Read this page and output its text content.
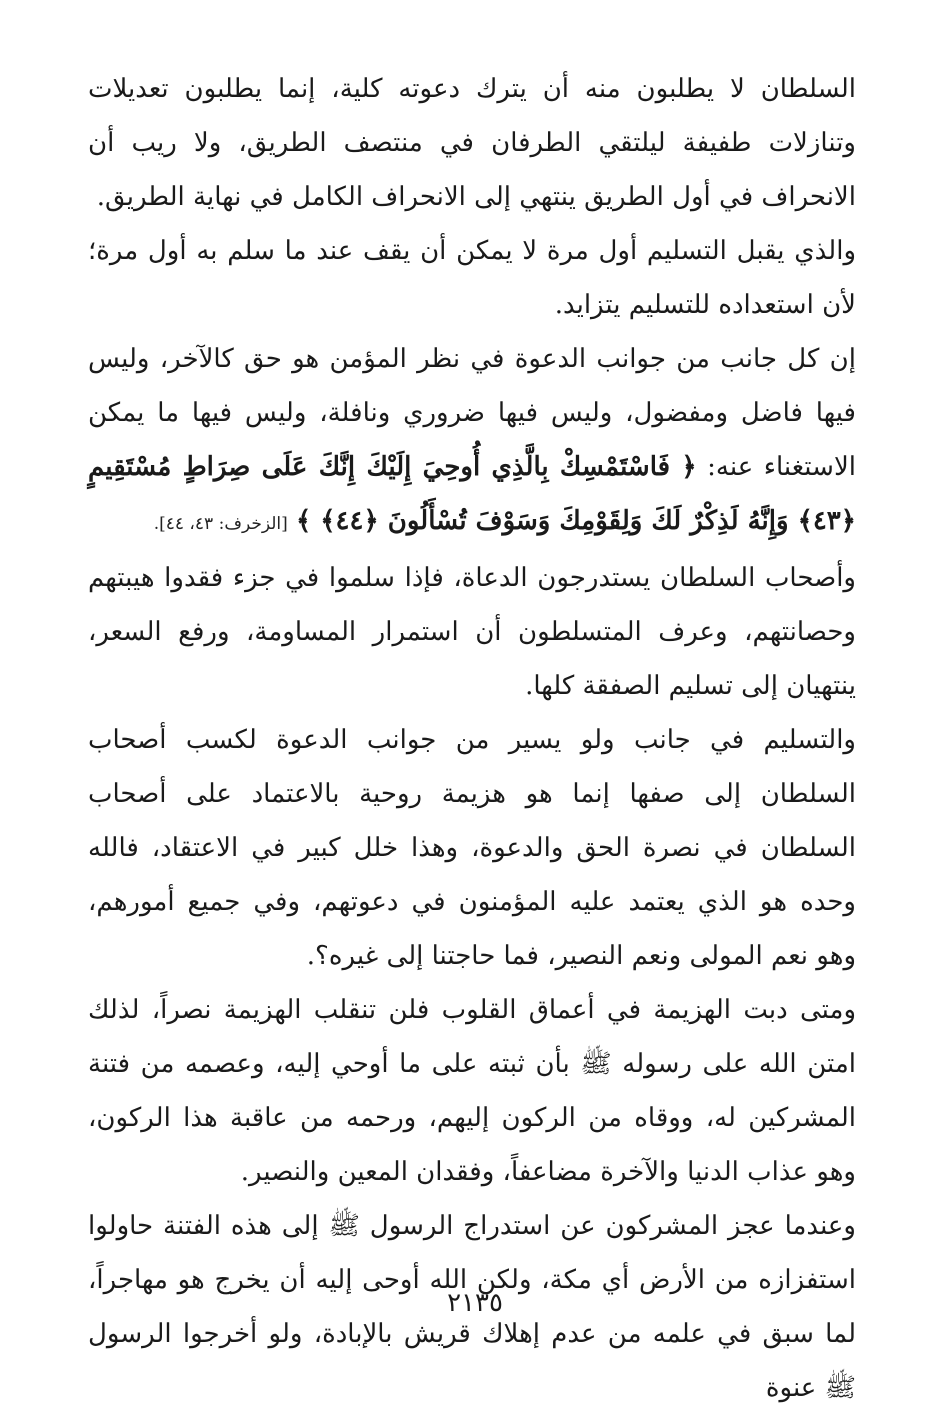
السلطان لا يطلبون منه أن يترك دعوته كلية، إنما يطلبون تعديلات وتنازلات طفيفة ليلتقي الطرفان في منتصف الطريق، ولا ريب أن الانحراف في أول الطريق ينتهي إلى الانحراف الكامل في نهاية الطريق.

والذي يقبل التسليم أول مرة لا يمكن أن يقف عند ما سلم به أول مرة؛ لأن استعداده للتسليم يتزايد.

إن كل جانب من جوانب الدعوة في نظر المؤمن هو حق كالآخر، وليس فيها فاضل ومفضول، وليس فيها ضروري ونافلة، وليس فيها ما يمكن الاستغناء عنه: ﴿ فَاسْتَمْسِكْ بِالَّذِي أُوحِيَ إِلَيْكَ إِنَّكَ عَلَى صِرَاطٍ مُسْتَقِيمٍ ﴿٤٣﴾ وَإِنَّهُ لَذِكْرٌ لَكَ وَلِقَوْمِكَ وَسَوْفَ تُسْأَلُونَ ﴿٤٤﴾ ﴾ [الزخرف: ٤٣، ٤٤].

وأصحاب السلطان يستدرجون الدعاة، فإذا سلموا في جزء فقدوا هيبتهم وحصانتهم، وعرف المتسلطون أن استمرار المساومة، ورفع السعر، ينتهيان إلى تسليم الصفقة كلها.

والتسليم في جانب ولو يسير من جوانب الدعوة لكسب أصحاب السلطان إلى صفها إنما هو هزيمة روحية بالاعتماد على أصحاب السلطان في نصرة الحق والدعوة، وهذا خلل كبير في الاعتقاد، فالله وحده هو الذي يعتمد عليه المؤمنون في دعوتهم، وفي جميع أمورهم، وهو نعم المولى ونعم النصير، فما حاجتنا إلى غيره؟.

ومتى دبت الهزيمة في أعماق القلوب فلن تنقلب الهزيمة نصراً، لذلك امتن الله على رسوله ﷺ بأن ثبته على ما أوحي إليه، وعصمه من فتنة المشركين له، ووقاه من الركون إليهم، ورحمه من عاقبة هذا الركون، وهو عذاب الدنيا والآخرة مضاعفاً، وفقدان المعين والنصير.

وعندما عجز المشركون عن استدراج الرسول ﷺ إلى هذه الفتنة حاولوا استفزازه من الأرض أي مكة، ولكن الله أوحى إليه أن يخرج هو مهاجراً، لما سبق في علمه من عدم إهلاك قريش بالإبادة، ولو أخرجوا الرسول ﷺ عنوة

٢١٣٥
